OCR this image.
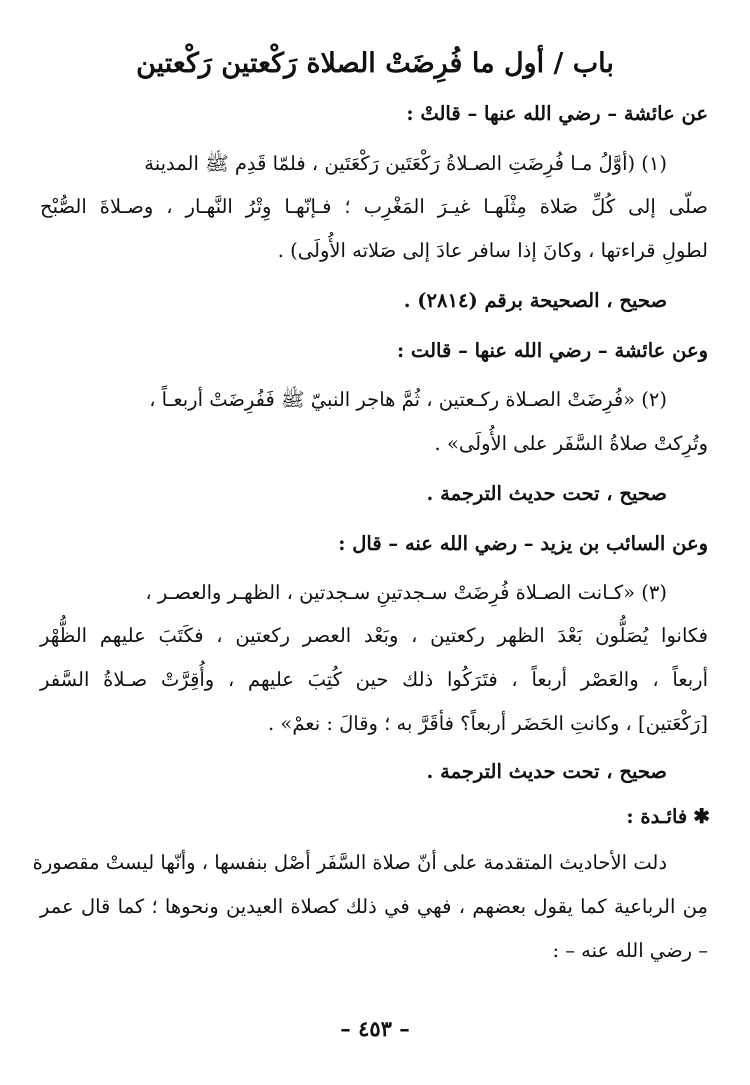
باب / أول ما فُرِضَتْ الصلاة رَكْعتين رَكْعتين
عن عائشة – رضي الله عنها – قالتْ :
(١) (أوَّلُ مـا فُرِضَتِ الصـلاةُ رَكْعَتَين رَكْعَتَين ، فلمّا قَدِم ﷺ المدينة
صلّى إلى كُلِّ صَلاة مِثْلَهـا غيـرَ المَغْرِب ؛ فـإنّهـا وِتْرُ النَّهـار ، وصـلاةَ الصُّبْح
لطولِ قراءتها ، وكانَ إذا سافر عادَ إلى صَلاته الأُولَى) .
صحيح ، الصحيحة برقم (٢٨١٤) .
وعن عائشة – رضي الله عنها – قالت :
(٢) «فُرِضَتْ الصـلاة ركـعتين ، ثُمَّ هاجر النبيّ ﷺ فَفُرِضَتْ أربعـاً ،
وتُرِكتْ صلاةُ السَّفَر على الأُولَى» .
صحيح ، تحت حديث الترجمة .
وعن السائب بن يزيد – رضي الله عنه – قال :
(٣) «كـانت الصـلاة فُرِضَتْ سـجدتينِ سـجدتين ، الظهـر والعصـر ،
فكانوا يُصَلُّون بَعْدَ الظهر ركعتين ، وبَعْد العصر ركعتين ، فكَتَبَ عليهم الظُّهْر
أربعاً ، والعَصْر أربعاً ، فتَرَكُوا ذلك حين كُتِبَ عليهم ، وأُقِرَّتْ صـلاةُ السَّفر
[رَكْعَتين] ، وكانتِ الحَضَر أربعاً؟ فأقَرَّ به ؛ وقالَ : نعمْ» .
صحيح ، تحت حديث الترجمة .
✱فائـدة :
دلت الأحاديث المتقدمة على أنّ صلاة السَّفَر أصْل بنفسها ، وأنّها ليستْ مقصورة
مِن الرباعية كما يقول بعضهم ، فهي في ذلك كصلاة العيدين ونحوها ؛ كما قال عمر
– رضي الله عنه – :
– ٤٥٣ –
